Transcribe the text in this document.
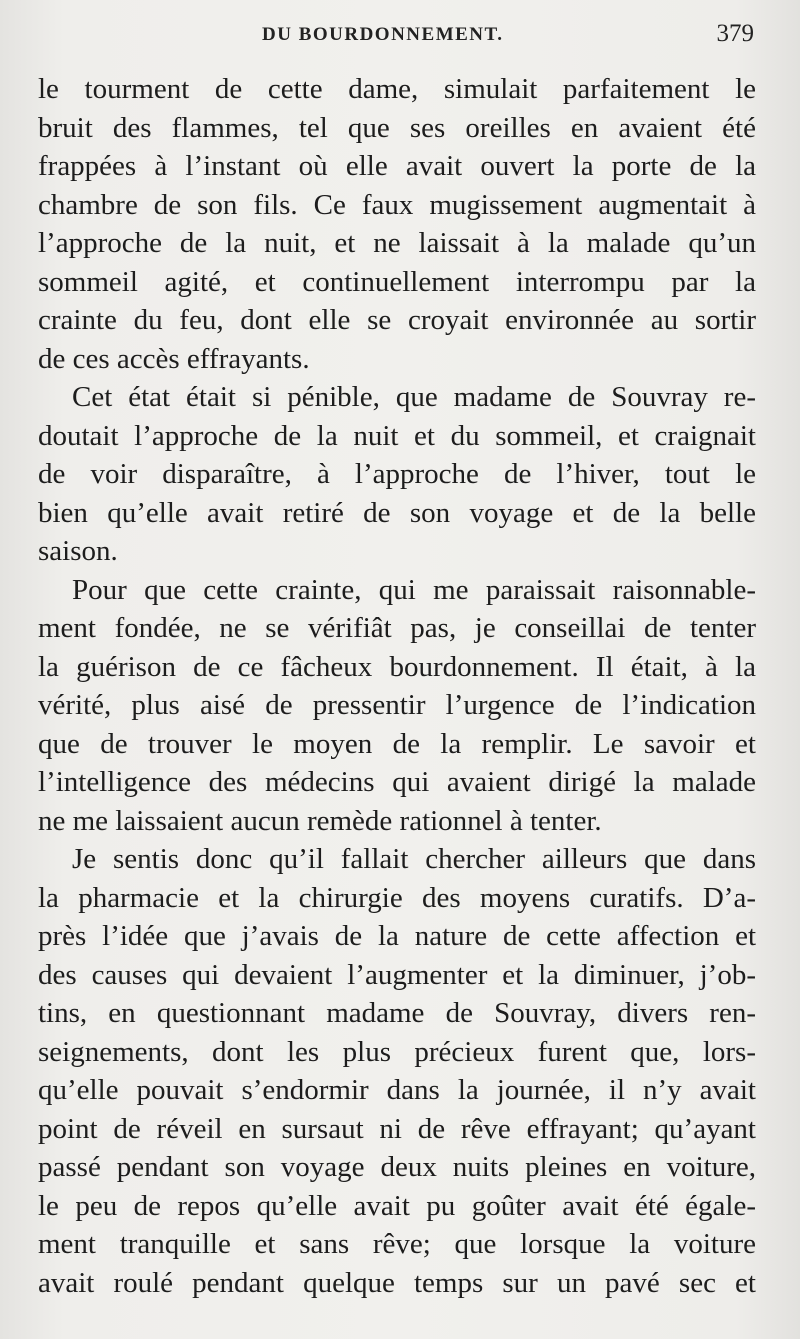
DU BOURDONNEMENT.	379
le tourment de cette dame, simulait parfaitement le
bruit des flammes, tel que ses oreilles en avaient été
frappées à l’instant où elle avait ouvert la porte de la
chambre de son fils. Ce faux mugissement augmentait à
l’approche de la nuit, et ne laissait à la malade qu’un
sommeil agité, et continuellement interrompu par la
crainte du feu, dont elle se croyait environnée au sortir
de ces accès effrayants.
Cet état était si pénible, que madame de Souvray re-
doutait l’approche de la nuit et du sommeil, et craignait
de voir disparaître, à l’approche de l’hiver, tout le
bien qu’elle avait retiré de son voyage et de la belle
saison.
Pour que cette crainte, qui me paraissait raisonnable-
ment fondée, ne se vérifiât pas, je conseillai de tenter
la guérison de ce fâcheux bourdonnement. Il était, à la
vérité, plus aisé de pressentir l’urgence de l’indication
que de trouver le moyen de la remplir. Le savoir et
l’intelligence des médecins qui avaient dirigé la malade
ne me laissaient aucun remède rationnel à tenter.
Je sentis donc qu’il fallait chercher ailleurs que dans
la pharmacie et la chirurgie des moyens curatifs. D’a-
près l’idée que j’avais de la nature de cette affection et
des causes qui devaient l’augmenter et la diminuer, j’ob-
tins, en questionnant madame de Souvray, divers ren-
seignements, dont les plus précieux furent que, lors-
qu’elle pouvait s’endormir dans la journée, il n’y avait
point de réveil en sursaut ni de rêve effrayant; qu’ayant
passé pendant son voyage deux nuits pleines en voiture,
le peu de repos qu’elle avait pu goûter avait été égale-
ment tranquille et sans rêve; que lorsque la voiture
avait roulé pendant quelque temps sur un pavé sec et
